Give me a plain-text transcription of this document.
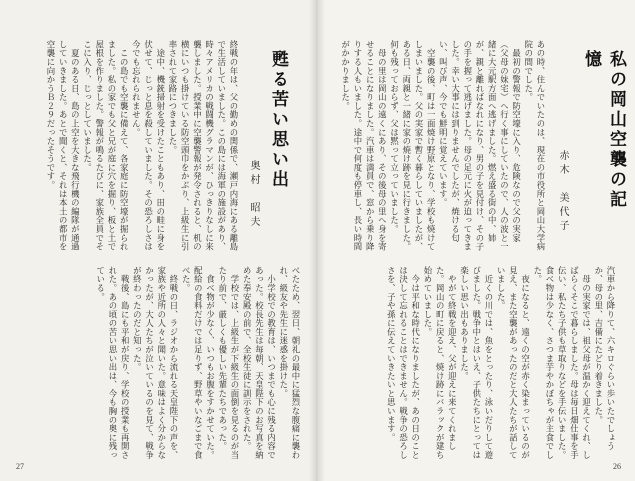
甦る苦い思い出
奥村　昭夫
終戦の年は、父の勤めの関係で、瀬戸内海にある離島で生活していました。この島には海軍の施設があり、時々アメリカの戦闘機グラマンが、ひっきりなしに来襲しました。授業中に空襲警報が発令されると、机の横にいつも掛けている防空頭巾をかぶり、上級生に引率されて家路につきました。
　途中、機銃掃射を受けたこともあり、田の畦に身を伏せて、じっと息を殺していました。その恐ろしさは今でも忘れられません。
　この島でも空襲に備えて、各家庭に防空壕が掘られました。私の家でも父と兄が庭に穴を掘り、板と土で屋根を作りました。警報が鳴るたびに、家族全員でそこに入り、じっとしていました。
　夏のある日、島の上空を大きな飛行機の編隊が通過していきました。あとで聞くと、それは本土の都市を空襲に向かうＢ２９だったそうです。
べたため、翌日、朝礼の最中に猛烈な腹痛に襲われ、級友や先生に迷惑を掛けた。
　小学校での教育は、いつまでも心に残る内容であった。校長先生は毎朝、天皇陛下のお写真を納めた奉安殿の前で、全校生徒に訓示をされた。
　学校では、上級生が下級生の面倒を見るのが当たり前で、厳しくも優しい先輩たちであった。
　食べ物が少なく、いつもお腹をすかせていた。配給の食料だけでは足りず、野草やいなごまで食べた。
　終戦の日、ラジオから流れる天皇陛下の声を、家族や近所の人々と聞いた。意味はよく分からなかったが、大人たちが泣いているのを見て、戦争が終わったのだと知った。
　戦後、島にも平和が戻り、学校の授業も再開された。あの頃の苦い思い出は、今も胸の奥に残っている。
27
私の岡山空襲の記憶
赤木　美代子
あの時、住んでいたのは、現在の市役所と岡山大学病院の間でした。
　最初の警報で防空壕に入り、危険なので父の実家（父母の妹宅）へ行く事にしていたので、人の波と一緒に大元駅方面へ逃げました。燃え盛る街の中、姉が、親と離ればなれになり、男の子を見付け、その子の手を握って逃げました。母の足元に火が迫ってきました。幸い大事には到りませんでしたが、焼ける匂い、叫び声、今でも鮮明に覚えています。
　空襲の後、町は一面焼け野原となり、学校も焼けてしまいました。父の実家で暫く暮らしていましたが、ある日、両親と一緒に家の焼け跡を見に行きました。何も残っておらず、父は黙って立っていました。
　母の里は岡山の遠くにあり、その後母の里へ身を寄せることになりました。汽車は満員で、窓から乗り降りする人もいました。途中で何度も停車し、長い時間がかかりました。
汽車から降りて、六キロぐらい歩いたでしょうか、母の里、吉備にたどり着きました。
　母の実家では、祖父母が温かく迎えてくれ、しばらくそこで暮らしました。母は毎日畑仕事を手伝い、私たち子供も草取りなどを手伝いました。食べ物は少なく、さつま芋やかぼちゃが主食でした。
　夜になると、遠くの空が赤く染まっているのが見え、また空襲があったのだと大人たちが話していました。
　近くの川では、魚をとったり、泳いだりして遊びました。戦争中とはいえ、子供たちにとっては楽しい思い出もありました。
　やがて終戦を迎え、父が迎えに来てくれました。岡山の町に戻ると、焼け跡にバラックが建ち始めていました。
　今は平和な時代になりましたが、あの日のことは決して忘れることはできません。戦争の恐ろしさを、子や孫に伝えていきたいと思います。
26
